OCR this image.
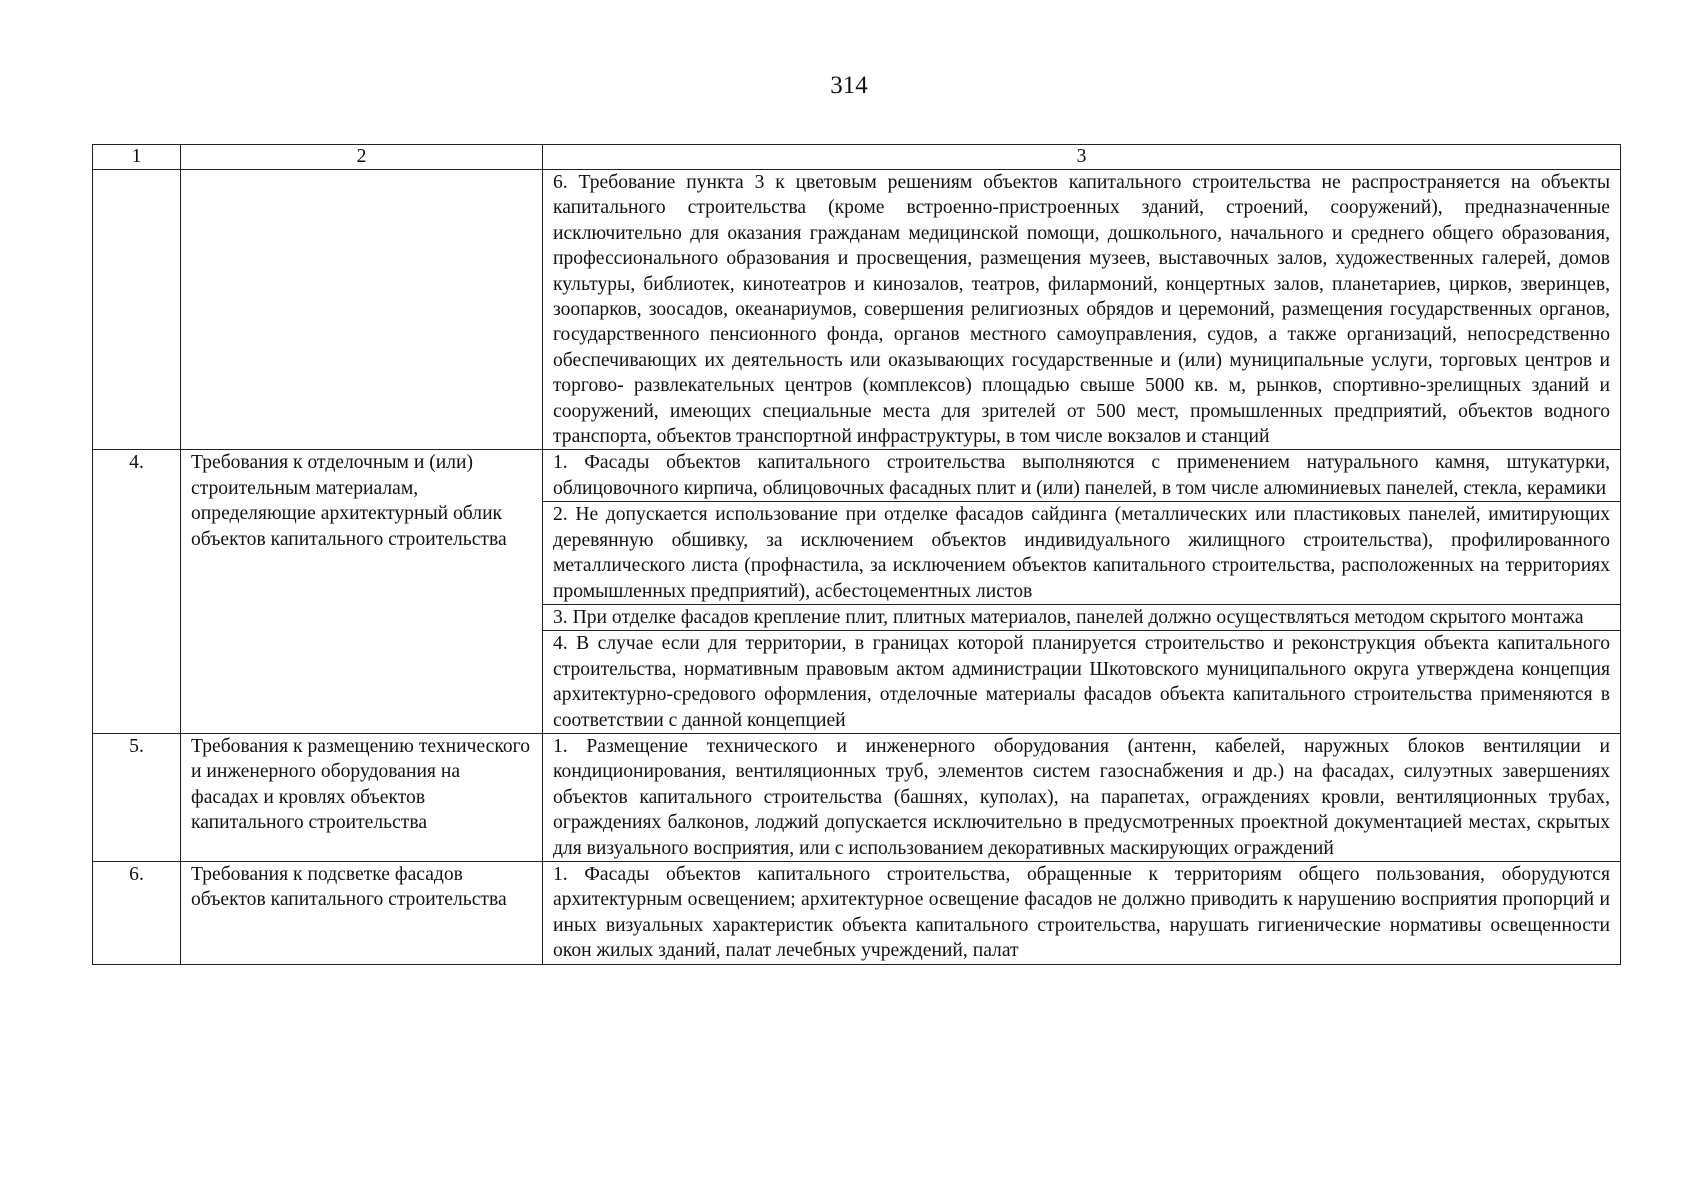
314
1	2	3
		6. Требование пункта 3 к цветовым решениям объектов капитального строительства не распространяется на объекты капитального строительства (кроме встроенно-пристроенных зданий, строений, сооружений), предназначенные исключительно для оказания гражданам медицинской помощи, дошкольного, начального и среднего общего образования, профессионального образования и просвещения, размещения музеев, выставочных залов, художественных галерей, домов культуры, библиотек, кинотеатров и кинозалов, театров, филармоний, концертных залов, планетариев, цирков, зверинцев, зоопарков, зоосадов, океанариумов, совершения религиозных обрядов и церемоний, размещения государственных органов, государственного пенсионного фонда, органов местного самоуправления, судов, а также организаций, непосредственно обеспечивающих их деятельность или оказывающих государственные и (или) муниципальные услуги, торговых центров и торгово- развлекательных центров (комплексов) площадью свыше 5000 кв. м, рынков, спортивно-зрелищных зданий и сооружений, имеющих специальные места для зрителей от 500 мест, промышленных предприятий, объектов водного транспорта, объектов транспортной инфраструктуры, в том числе вокзалов и станций
4.	Требования к отделочным и (или) строительным материалам, определяющие архитектурный облик объектов капитального строительства	1. Фасады объектов капитального строительства выполняются с применением натурального камня, штукатурки, облицовочного кирпича, облицовочных фасадных плит и (или) панелей, в том числе алюминиевых панелей, стекла, керамики
		2. Не допускается использование при отделке фасадов сайдинга (металлических или пластиковых панелей, имитирующих деревянную обшивку, за исключением объектов индивидуального жилищного строительства), профилированного металлического листа (профнастила, за исключением объектов капитального строительства, расположенных на территориях промышленных предприятий), асбестоцементных листов
		3. При отделке фасадов крепление плит, плитных материалов, панелей должно осуществляться методом скрытого монтажа
		4. В случае если для территории, в границах которой планируется строительство и реконструкция объекта капитального строительства, нормативным правовым актом администрации Шкотовского муниципального округа утверждена концепция архитектурно-средового оформления, отделочные материалы фасадов объекта капитального строительства применяются в соответствии с данной концепцией
5.	Требования к размещению технического и инженерного оборудования на фасадах и кровлях объектов капитального строительства	1. Размещение технического и инженерного оборудования (антенн, кабелей, наружных блоков вентиляции и кондиционирования, вентиляционных труб, элементов систем газоснабжения и др.) на фасадах, силуэтных завершениях объектов капитального строительства (башнях, куполах), на парапетах, ограждениях кровли, вентиляционных трубах, ограждениях балконов, лоджий допускается исключительно в предусмотренных проектной документацией местах, скрытых для визуального восприятия, или с использованием декоративных маскирующих ограждений
6.	Требования к подсветке фасадов объектов капитального строительства	1. Фасады объектов капитального строительства, обращенные к территориям общего пользования, оборудуются архитектурным освещением; архитектурное освещение фасадов не должно приводить к нарушению восприятия пропорций и иных визуальных характеристик объекта капитального строительства, нарушать гигиенические нормативы освещенности окон жилых зданий, палат лечебных учреждений, палат
